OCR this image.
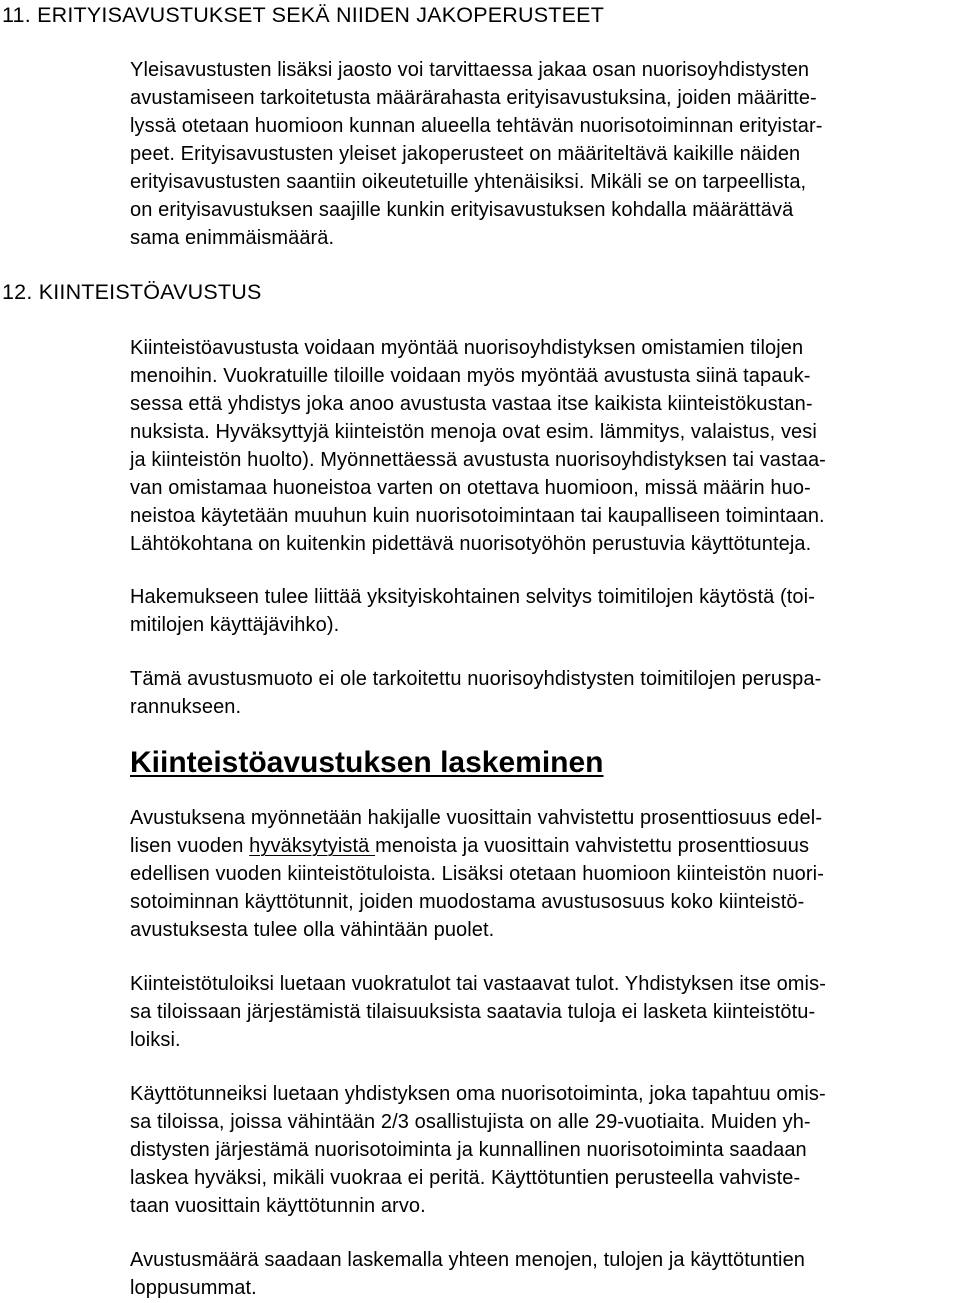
11. ERITYISAVUSTUKSET SEKÄ NIIDEN JAKOPERUSTEET
Yleisavustusten lisäksi jaosto voi tarvittaessa jakaa osan nuorisoyhdistysten
avustamiseen tarkoitetusta määrärahasta erityisavustuksina, joiden määritte-
lyssä otetaan huomioon kunnan alueella tehtävän nuorisotoiminnan erityistar-
peet. Erityisavustusten yleiset jakoperusteet on määriteltävä kaikille näiden
erityisavustusten saantiin oikeutetuille yhtenäisiksi. Mikäli se on tarpeellista,
on erityisavustuksen saajille kunkin erityisavustuksen kohdalla määrättävä
sama enimmäismäärä.
Kiinteistöavustusta voidaan myöntää nuorisoyhdistyksen omistamien tilojen
menoihin. Vuokratuille tiloille voidaan myös myöntää avustusta siinä tapauk-
sessa että yhdistys joka anoo avustusta vastaa itse kaikista kiinteistökustan-
nuksista. Hyväksyttyjä kiinteistön menoja ovat esim. lämmitys, valaistus, vesi
ja kiinteistön huolto). Myönnettäessä avustusta nuorisoyhdistyksen tai vastaa-
van omistamaa huoneistoa varten on otettava huomioon, missä määrin huo-
neistoa käytetään muuhun kuin nuorisotoimintaan tai kaupalliseen toimintaan.
Lähtökohtana on kuitenkin pidettävä nuorisotyöhön perustuvia käyttötunteja.
Hakemukseen tulee liittää yksityiskohtainen selvitys toimitilojen käytöstä (toi-
mitilojen käyttäjävihko).
Tämä avustusmuoto ei ole tarkoitettu nuorisoyhdistysten toimitilojen peruspa-
rannukseen.
Kiinteistöavustuksen laskeminen
Avustuksena myönnetään hakijalle vuosittain vahvistettu prosenttiosuus edel-
lisen vuoden hyväksytyistä menoista ja vuosittain vahvistettu prosenttiosuus
edellisen vuoden kiinteistötuloista. Lisäksi otetaan huomioon kiinteistön nuori-
sotoiminnan käyttötunnit, joiden muodostama avustusosuus koko kiinteistö-
avustuksesta tulee olla vähintään puolet.
Kiinteistötuloiksi luetaan vuokratulot tai vastaavat tulot. Yhdistyksen itse omis-
sa tiloissaan järjestämistä tilaisuuksista saatavia tuloja ei lasketa kiinteistötu-
loiksi.
Käyttötunneiksi luetaan yhdistyksen oma nuorisotoiminta, joka tapahtuu omis-
sa tiloissa, joissa vähintään 2/3 osallistujista on alle 29-vuotiaita. Muiden yh-
distysten järjestämä nuorisotoiminta ja kunnallinen nuorisotoiminta saadaan
laskea hyväksi, mikäli vuokraa ei peritä. Käyttötuntien perusteella vahviste-
taan vuosittain käyttötunnin arvo.
Avustusmäärä saadaan laskemalla yhteen menojen, tulojen ja käyttötuntien
loppusummat.
12. KIINTEISTÖAVUSTUS
